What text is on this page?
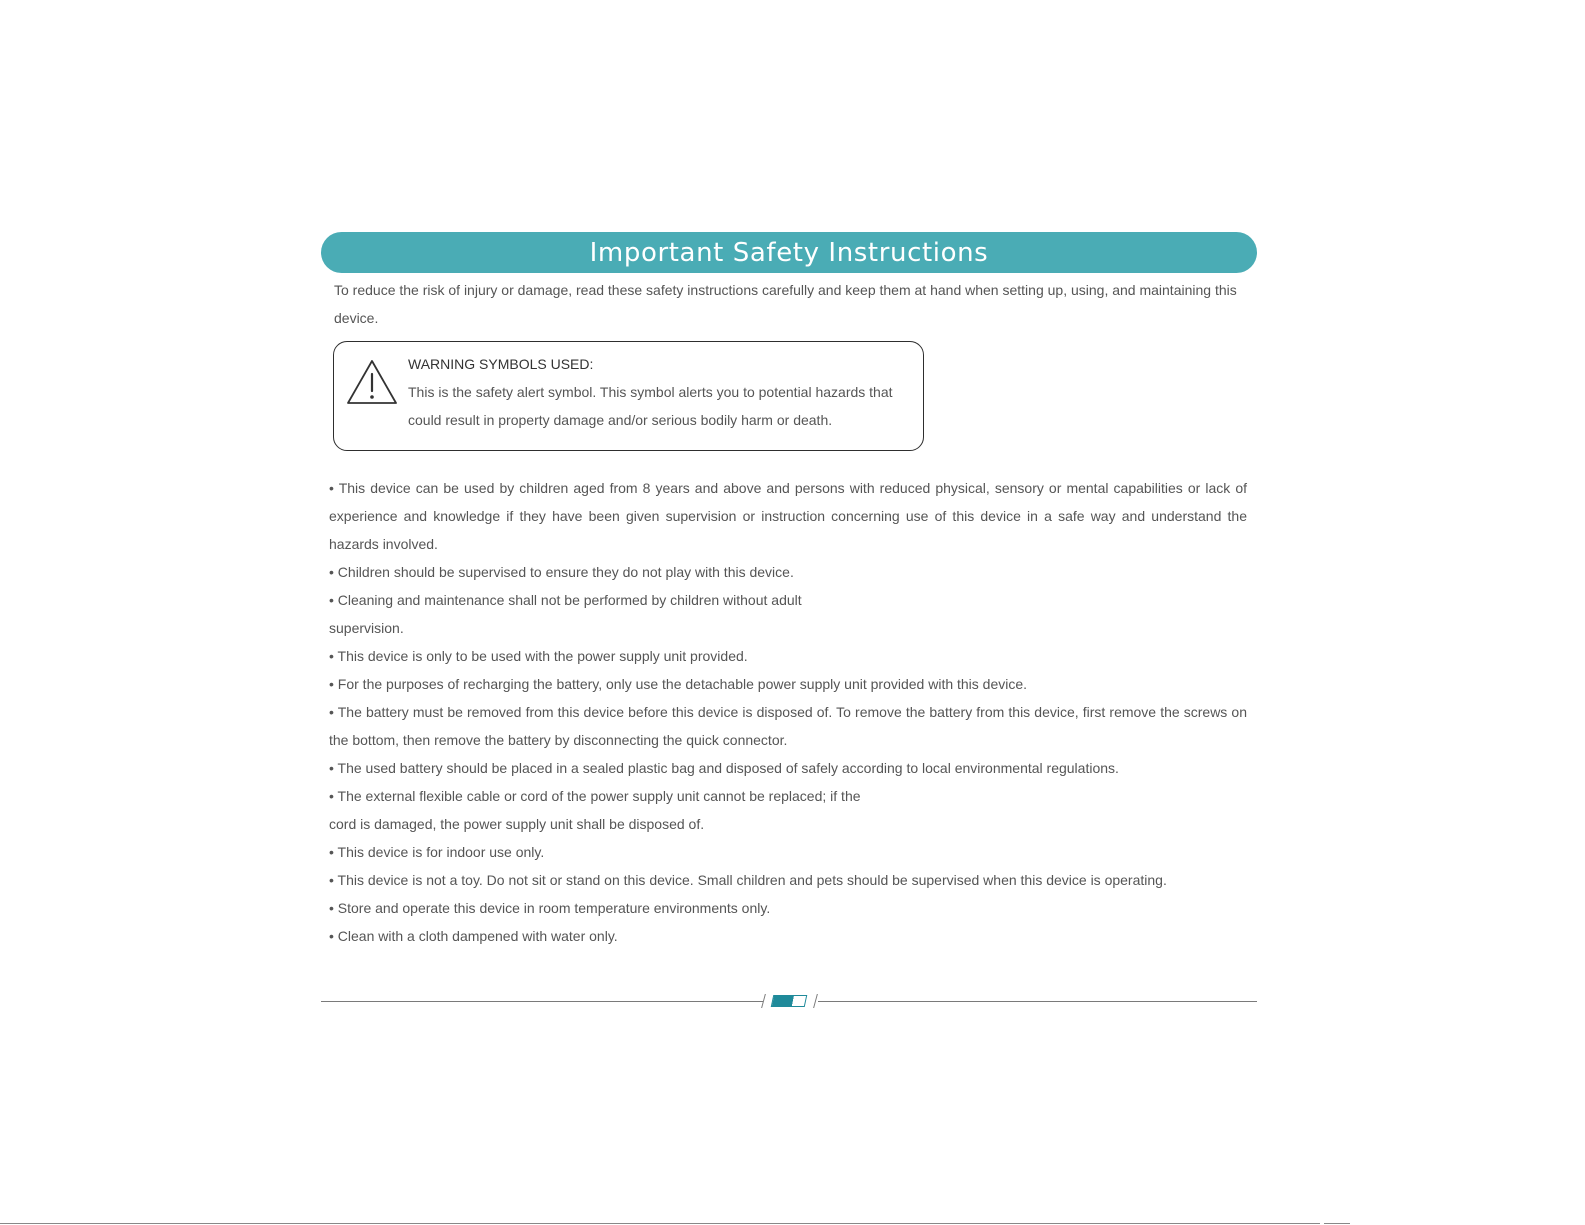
Important Safety Instructions
To reduce the risk of injury or damage, read these safety instructions carefully and keep them at hand when setting up, using, and maintaining this device.
WARNING SYMBOLS USED:
This is the safety alert symbol. This symbol alerts you to potential hazards that could result in property damage and/or serious bodily harm or death.

• This device can be used by children aged from 8 years and above and persons with reduced physical, sensory or mental capabilities or lack of experience and knowledge if they have been given supervision or instruction concerning use of this device in a safe way and understand the hazards involved.

• Children should be supervised to ensure they do not play with this device.

• Cleaning and maintenance shall not be performed by children without adult supervision.

• This device is only to be used with the power supply unit provided.

• For the purposes of recharging the battery, only use the detachable power supply unit provided with this device.

• The battery must be removed from this device before this device is disposed of. To remove the battery from this device, first remove the screws on the bottom, then remove the battery by disconnecting the quick connector.

• The used battery should be placed in a sealed plastic bag and disposed of safely according to local environmental regulations.

• The external flexible cable or cord of the power supply unit cannot be replaced; if the cord is damaged, the power supply unit shall be disposed of.

• This device is for indoor use only.

• This device is not a toy. Do not sit or stand on this device. Small children and pets should be supervised when this device is operating.

• Store and operate this device in room temperature environments only.

• Clean with a cloth dampened with water only.
